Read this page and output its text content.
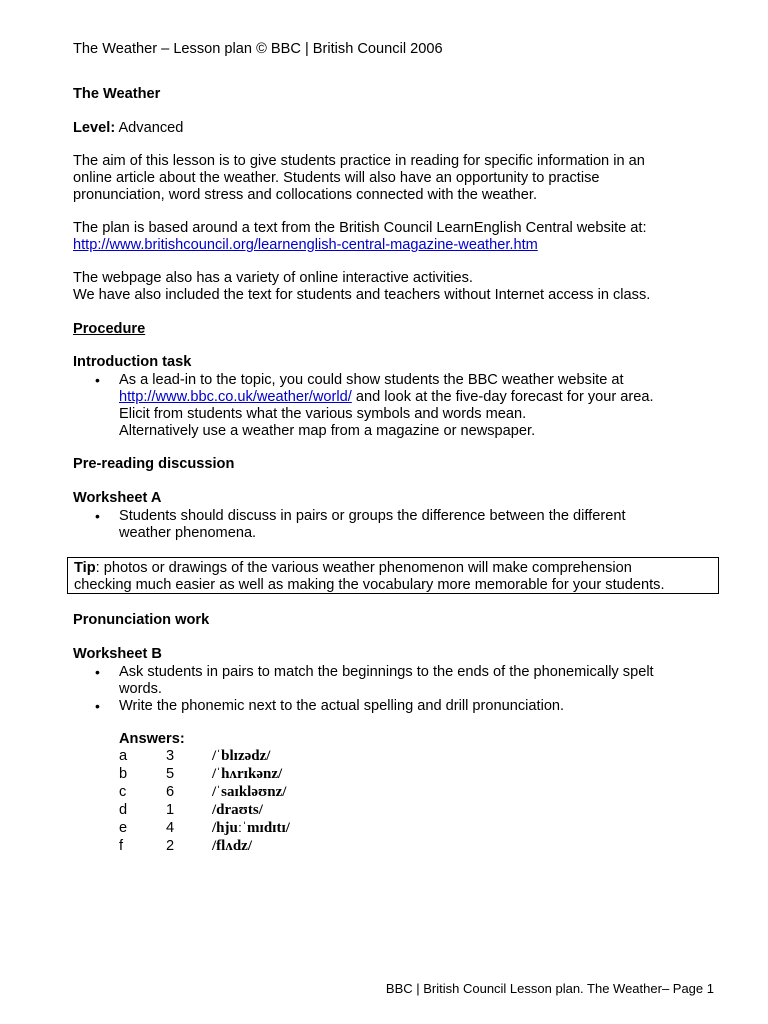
The Weather – Lesson plan © BBC | British Council 2006
The Weather
Level: Advanced
The aim of this lesson is to give students practice in reading for specific information in an
online article about the weather. Students will also have an opportunity to practise
pronunciation, word stress and collocations connected with the weather.
The plan is based around a text from the British Council LearnEnglish Central website at:
http://www.britishcouncil.org/learnenglish-central-magazine-weather.htm
The webpage also has a variety of online interactive activities.
We have also included the text for students and teachers without Internet access in class.
Procedure
Introduction task
• As a lead-in to the topic, you could show students the BBC weather website at
http://www.bbc.co.uk/weather/world/ and look at the five-day forecast for your area.
Elicit from students what the various symbols and words mean.
Alternatively use a weather map from a magazine or newspaper.
Pre-reading discussion
Worksheet A
• Students should discuss in pairs or groups the difference between the different
weather phenomena.
Tip: photos or drawings of the various weather phenomenon will make comprehension
checking much easier as well as making the vocabulary more memorable for your students.
Pronunciation work
Worksheet B
• Ask students in pairs to match the beginnings to the ends of the phonemically spelt
words.
• Write the phonemic next to the actual spelling and drill pronunciation.
Answers:
a	3	/ˈblɪzədz/
b	5	/ˈhʌrɪkənz/
c	6	/ˈsaɪkləʊnz/
d	1	/draʊts/
e	4	/hjuːˈmɪdɪtɪ/
f	2	/flʌdz/
BBC | British Council Lesson plan. The Weather– Page 1
